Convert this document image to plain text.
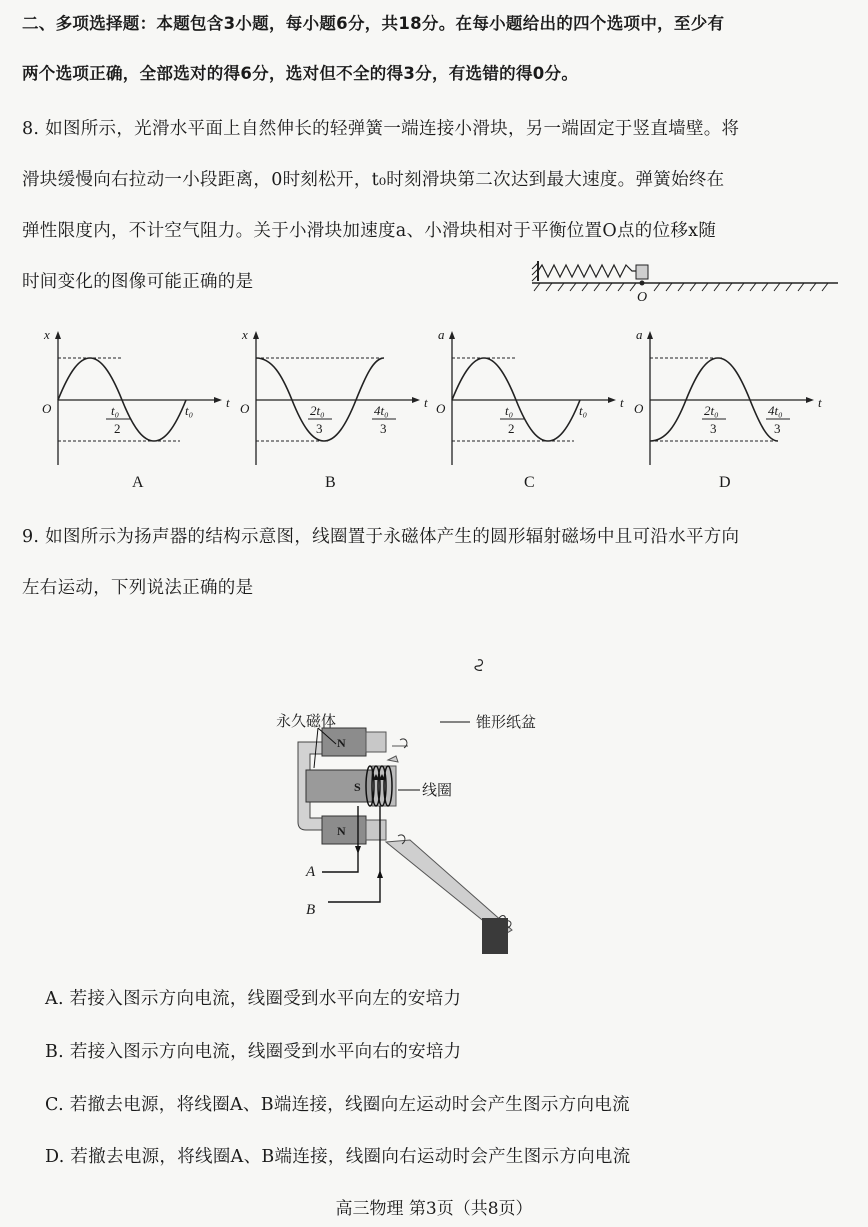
二、多项选择题：本题包含3小题，每小题6分，共18分。在每小题给出的四个选项中，至少有
两个选项正确，全部选对的得6分，选对但不全的得3分，有选错的得0分。
8. 如图所示，光滑水平面上自然伸长的轻弹簧一端连接小滑块，另一端固定于竖直墙壁。将
滑块缓慢向右拉动一小段距离，0时刻松开，t₀时刻滑块第二次达到最大速度。弹簧始终在
弹性限度内，不计空气阻力。关于小滑块加速度a、小滑块相对于平衡位置O点的位移x随
时间变化的图像可能正确的是
O
x
t
O	t₀
2
t₀
A
x
t
O	2t₀
3
4t₀
3
B
a
t
O	t₀
2
t₀
C
a
t
O	2t₀
3
4t₀
3
D
9. 如图所示为扬声器的结构示意图，线圈置于永磁体产生的圆形辐射磁场中且可沿水平方向
左右运动，下列说法正确的是
永久磁体	锥形纸盆
线圈
N
S
N
A
B
A. 若接入图示方向电流，线圈受到水平向左的安培力
B. 若接入图示方向电流，线圈受到水平向右的安培力
C. 若撤去电源，将线圈A、B端连接，线圈向左运动时会产生图示方向电流
D. 若撤去电源，将线圈A、B端连接，线圈向右运动时会产生图示方向电流
高三物理 第3页（共8页）
